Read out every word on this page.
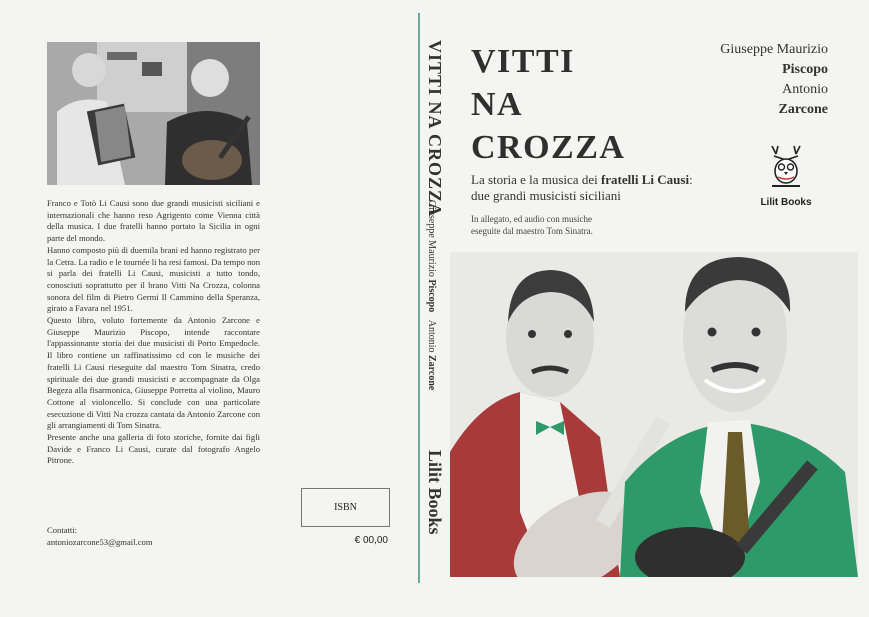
Franco e Totò Li Causi sono due grandi musicisti siciliani e internazionali che hanno reso Agrigento come Vienna città della musica. I due fratelli hanno portato la Sicilia in ogni parte del mondo.

Hanno composto più di duemila brani ed hanno registrato per la Cetra. La radio e le tournée li ha resi famosi. Da tempo non si parla dei fratelli Li Causi, musicisti a tutto tondo, conosciuti soprattutto per il brano Vitti Na Crozza, colonna sonora del film di Pietro Germi Il Cammino della Speranza, girato a Favara nel 1951.

Questo libro, voluto fortemente da Antonio Zarcone e Giuseppe Maurizio Piscopo, intende raccontare l'appassionante storia dei due musicisti di Porto Empedocle. Il libro contiene un raffinatissimo cd con le musiche dei fratelli Li Causi rieseguite dal maestro Tom Sinatra, credo spirituale dei due grandi musicisti e accompagnate da Olga Begeza alla fisarmonica, Giuseppe Porretta al violino, Mauro Cottone al violoncello. Si conclude con una particolare esecuzione di Vitti Na crozza cantata da Antonio Zarcone con gli arrangiamenti di Tom Sinatra.

Presente anche una galleria di foto storiche, fornite dai figli Davide e Franco Li Causi, curate dal fotografo Angelo Pitrone.

ISBN
€ 00,00
Contatti:
antoniozarcone53@gmail.com
VITTI NA CROZZA
Giuseppe Maurizio Piscopo   Antonio Zarcone
Lilit Books
VITTI
NA
CROZZA
Giuseppe Maurizio
Piscopo
Antonio
Zarcone
Lilit Books
La storia e la musica dei fratelli Li Causi:
due grandi musicisti siciliani
In allegato, ed audio con musiche
eseguite dal maestro Tom Sinatra.
